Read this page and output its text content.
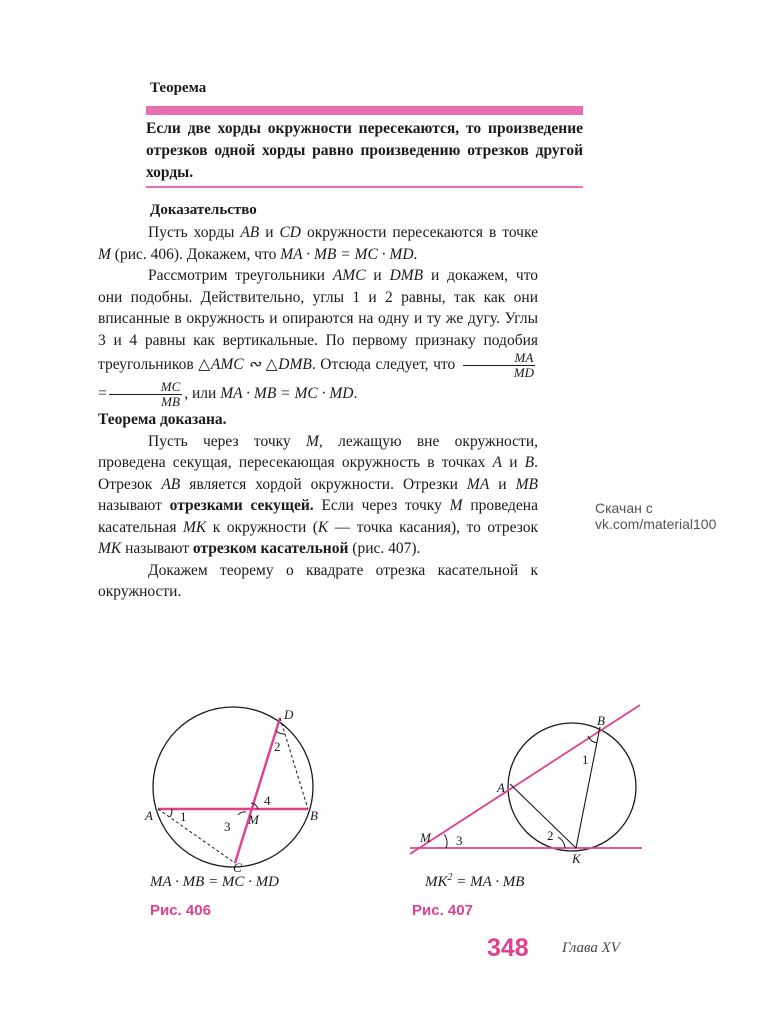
Теорема
Если две хорды окружности пересекаются, то произведение отрезков одной хорды равно произведению отрезков другой хорды.
Доказательство

Пусть хорды AB и CD окружности пересекаются в точке M (рис. 406). Докажем, что MA · MB = MC · MD.

Рассмотрим треугольники AMC и DMB и докажем, что они подобны. Действительно, углы 1 и 2 равны, так как они вписанные в окружность и опираются на одну и ту же дугу. Углы 3 и 4 равны как вертикальные. По первому признаку подобия треугольников △AMC ∾ △DMB. Отсюда следует, что $\frac{MA}{MD}$
= $\frac{MC}{MB}$ , или MA · MB = MC · MD.

Теорема доказана.

Пусть через точку M, лежащую вне окружности, проведена секущая, пересекающая окружность в точках A и B. Отрезок AB является хордой окружности. Отрезки MA и MB называют отрезками секущей. Если через точку M проведена касательная MK к окружности (K — точка касания), то отрезок MK называют отрезком касательной (рис. 407).

Докажем теорему о квадрате отрезка касательной к окружности.

Скачан с vk.com/material100
A	B
C
D
M
1
2
3
4
MA · MB = MC · MD
Рис. 406
M
A
B
K
1
2
3
$MK^2$ = MA · MB
Рис. 407
348 Глава XV
